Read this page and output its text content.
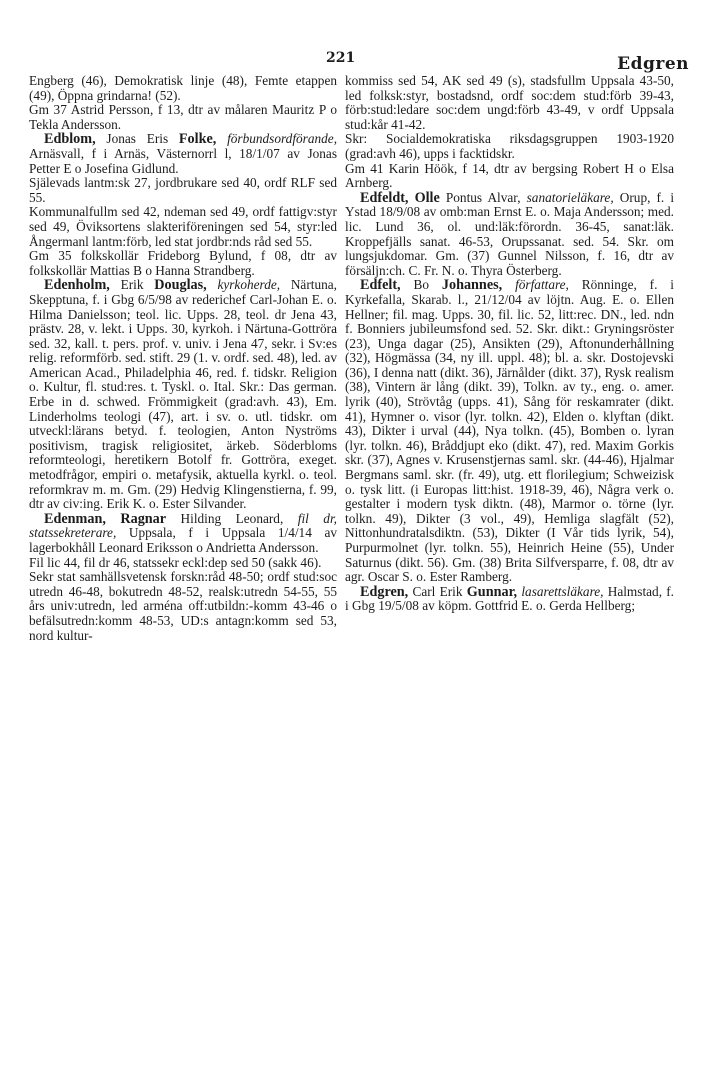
221	Edgren

Engberg (46), Demokratisk linje (48), Femte etappen (49), Öppna grindarna! (52).

Gm 37 Astrid Persson, f 13, dtr av målaren Mauritz P o Tekla Andersson.

Edblom, Jonas Eris Folke, förbundsordförande, Arnäsvall, f i Arnäs, Västernorrl l, 18/1/07 av Jonas Petter E o Josefina Gidlund.

Själevads lantm:sk 27, jordbrukare sed 40, ordf RLF sed 55.

Kommunalfullm sed 42, ndeman sed 49, ordf fattigv:styr sed 49, Öviksortens slakteriföreningen sed 54, styr:led Ångermanl lantm:förb, led stat jordbr:nds råd sed 55.

Gm 35 folkskollär Frideborg Bylund, f 08, dtr av folkskollär Mattias B o Hanna Strandberg.

Edenholm, Erik Douglas, kyrkoherde, Närtuna, Skepptuna, f. i Gbg 6/5/98 av rederichef Carl-Johan E. o. Hilma Danielsson; teol. lic. Upps. 28, teol. dr Jena 43, prästv. 28, v. lekt. i Upps. 30, kyrkoh. i Närtuna-Gottröra sed. 32, kall. t. pers. prof. v. univ. i Jena 47, sekr. i Sv:es relig. reformförb. sed. stift. 29 (1. v. ordf. sed. 48), led. av American Acad., Philadelphia 46, red. f. tidskr. Religion o. Kultur, fl. stud:res. t. Tyskl. o. Ital. Skr.: Das german. Erbe in d. schwed. Frömmigkeit (grad:avh. 43), Em. Linderholms teologi (47), art. i sv. o. utl. tidskr. om utveckl:lärans betyd. f. teologien, Anton Nyströms positivism, tragisk religiositet, ärkeb. Söderbloms reformteologi, heretikern Botolf fr. Gottröra, exeget. metodfrågor, empiri o. metafysik, aktuella kyrkl. o. teol. reformkrav m. m. Gm. (29) Hedvig Klingenstierna, f. 99, dtr av civ:ing. Erik K. o. Ester Silvander.

Edenman, Ragnar Hilding Leonard, fil dr, statssekreterare, Uppsala, f i Uppsala 1/4/14 av lagerbokhåll Leonard Eriksson o Andrietta Andersson.

Fil lic 44, fil dr 46, statssekr eckl:dep sed 50 (sakk 46).

Sekr stat samhällsvetensk forskn:råd 48-50; ordf stud:soc utredn 46-48, bokutredn 48-52, realsk:utredn 54-55, 55 års univ:utredn, led arména off:utbildn:-komm 43-46 o befälsutredn:komm 48-53, UD:s antagn:komm sed 53, nord kultur-

kommiss sed 54, AK sed 49 (s), stadsfullm Uppsala 43-50, led folksk:styr, bostadsnd, ordf soc:dem stud:förb 39-43, förb:stud:ledare soc:dem ungd:förb 43-49, v ordf Uppsala stud:kår 41-42.

Skr: Socialdemokratiska riksdagsgruppen 1903-1920 (grad:avh 46), upps i facktidskr.

Gm 41 Karin Höök, f 14, dtr av bergsing Robert H o Elsa Arnberg.

Edfeldt, Olle Pontus Alvar, sanatorieläkare, Orup, f. i Ystad 18/9/08 av omb:man Ernst E. o. Maja Andersson; med. lic. Lund 36, ol. und:läk:förordn. 36-45, sanat:läk. Kroppefjälls sanat. 46-53, Orupssanat. sed. 54. Skr. om lungsjukdomar. Gm. (37) Gunnel Nilsson, f. 16, dtr av försäljn:ch. C. Fr. N. o. Thyra Österberg.

Edfelt, Bo Johannes, författare, Rönninge, f. i Kyrkefalla, Skarab. l., 21/12/04 av löjtn. Aug. E. o. Ellen Hellner; fil. mag. Upps. 30, fil. lic. 52, litt:rec. DN., led. ndn f. Bonniers jubileumsfond sed. 52. Skr. dikt.: Gryningsröster (23), Unga dagar (25), Ansikten (29), Aftonunderhållning (32), Högmässa (34, ny ill. uppl. 48); bl. a. skr. Dostojevski (36), I denna natt (dikt. 36), Järnålder (dikt. 37), Rysk realism (38), Vintern är lång (dikt. 39), Tolkn. av ty., eng. o. amer. lyrik (40), Strövtåg (upps. 41), Sång för reskamrater (dikt. 41), Hymner o. visor (lyr. tolkn. 42), Elden o. klyftan (dikt. 43), Dikter i urval (44), Nya tolkn. (45), Bomben o. lyran (lyr. tolkn. 46), Bråddjupt eko (dikt. 47), red. Maxim Gorkis skr. (37), Agnes v. Krusenstjernas saml. skr. (44-46), Hjalmar Bergmans saml. skr. (fr. 49), utg. ett florilegium; Schweizisk o. tysk litt. (i Europas litt:hist. 1918-39, 46), Några verk o. gestalter i modern tysk diktn. (48), Marmor o. törne (lyr. tolkn. 49), Dikter (3 vol., 49), Hemliga slagfält (52), Nittonhundratalsdiktn. (53), Dikter (I Vår tids lyrik, 54), Purpurmolnet (lyr. tolkn. 55), Heinrich Heine (55), Under Saturnus (dikt. 56). Gm. (38) Brita Silfversparre, f. 08, dtr av agr. Oscar S. o. Ester Ramberg.

Edgren, Carl Erik Gunnar, lasarettsläkare, Halmstad, f. i Gbg 19/5/08 av köpm. Gottfrid E. o. Gerda Hellberg;
